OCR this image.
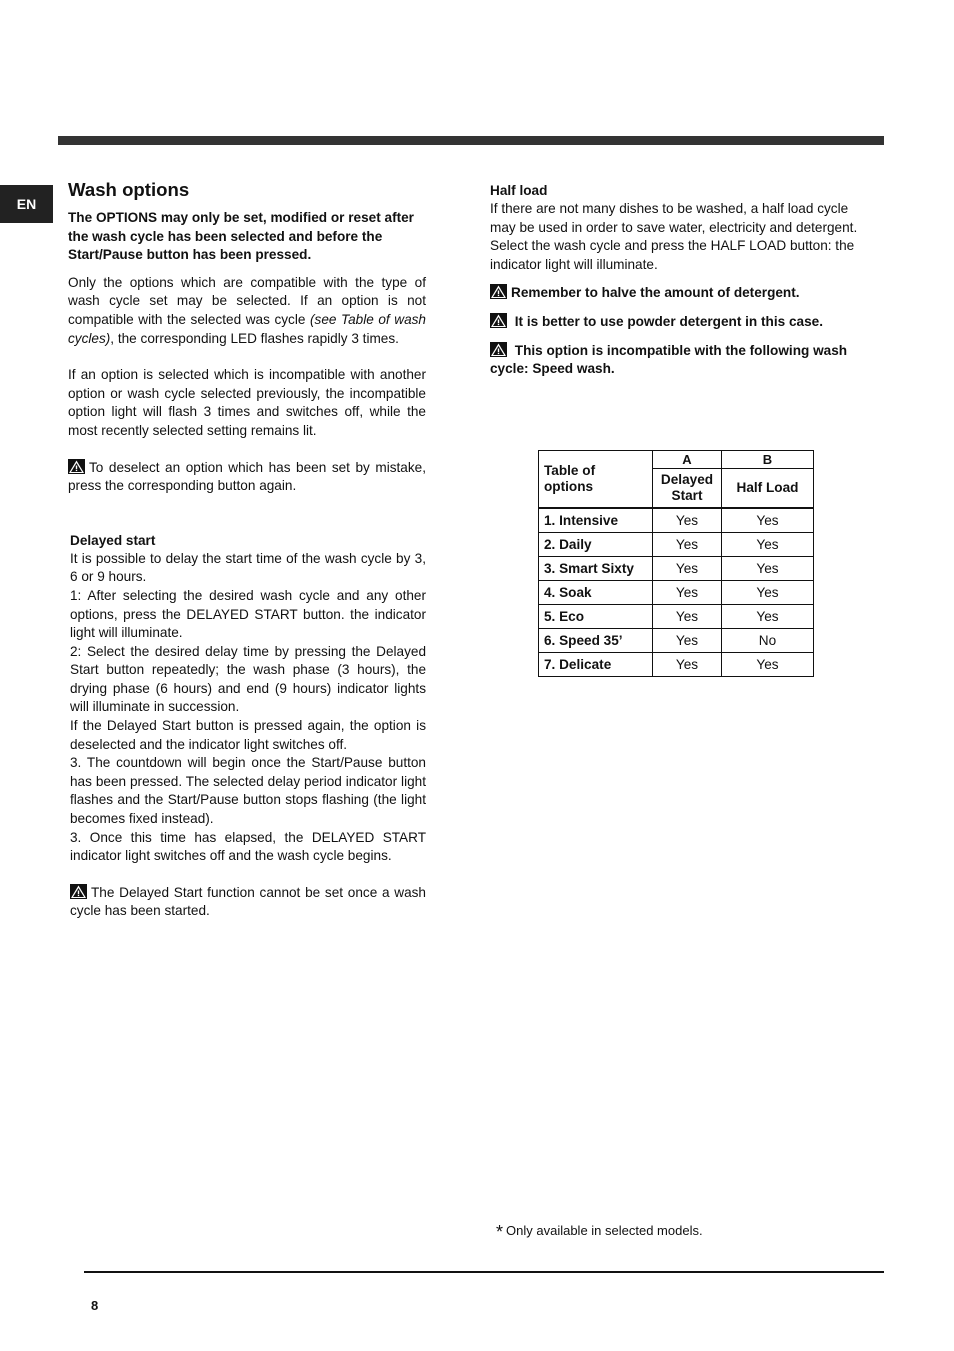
EN
Wash options

The OPTIONS may only be set, modified or reset after the wash cycle has been selected and before the Start/Pause button has been pressed.

Only the options which are compatible with the type of wash cycle set may be selected. If an option is not compatible with the selected was cycle (see Table of wash cycles), the corresponding LED flashes rapidly 3 times.

If an option is selected which is incompatible with another option or wash cycle selected previously, the incompatible option light will flash 3 times and switches off, while the most recently selected setting remains lit.

To deselect an option which has been set by mistake, press the corresponding button again.

Delayed start

It is possible to delay the start time of the wash cycle by 3, 6 or 9 hours.

1: After selecting the desired wash cycle and any other options, press the DELAYED START button. the indicator light will illuminate.

2: Select the desired delay time by pressing the Delayed Start button repeatedly; the wash phase (3 hours), the drying phase (6 hours) and end (9 hours) indicator lights will illuminate in succession.

If the Delayed Start button is pressed again, the option is deselected and the indicator light switches off.

3. The countdown will begin once the Start/Pause button has been pressed. The selected delay period indicator light flashes and the Start/Pause button stops flashing (the light becomes fixed instead).

3. Once this time has elapsed, the DELAYED START indicator light switches off and the wash cycle begins.

The Delayed Start function cannot be set once a wash cycle has been started.

Half load

If there are not many dishes to be washed, a half load cycle may be used in order to save water, electricity and detergent. Select the wash cycle and press the HALF LOAD button: the indicator light will illuminate.

Remember to halve the amount of detergent.

It is better to use powder detergent in this case.

This option is incompatible with the following wash cycle: Speed wash.

Table of options	A	B
	Delayed Start	Half Load
1. Intensive	Yes	Yes
2. Daily	Yes	Yes
3. Smart Sixty	Yes	Yes
4. Soak	Yes	Yes
5. Eco	Yes	Yes
6. Speed 35’	Yes	No
7. Delicate	Yes	Yes
* Only available in selected models.
8
